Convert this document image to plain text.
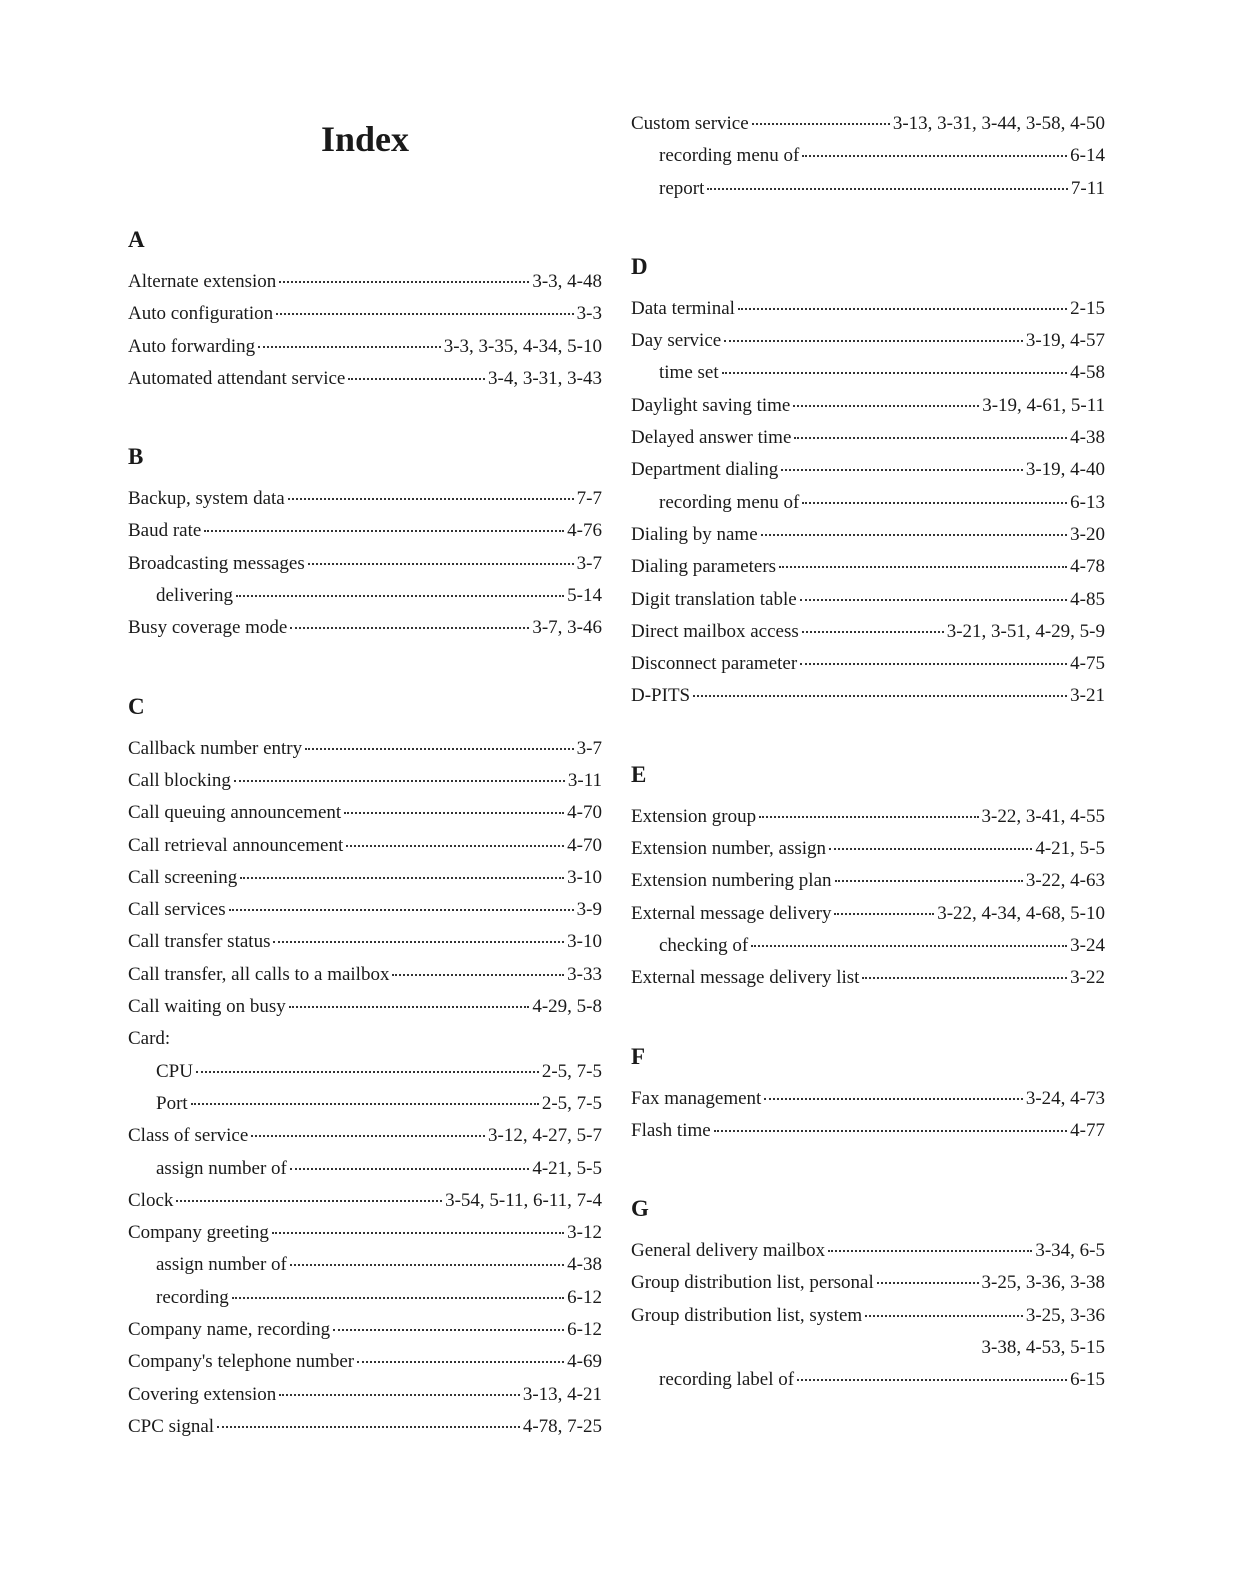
Index
A
Alternate extension	3-3, 4-48
Auto configuration	3-3
Auto forwarding	3-3, 3-35, 4-34, 5-10
Automated attendant service	3-4, 3-31, 3-43
B
Backup, system data	7-7
Baud rate	4-76
Broadcasting messages	3-7
delivering	5-14
Busy coverage mode	3-7, 3-46
C
Callback number entry	3-7
Call blocking	3-11
Call queuing announcement	4-70
Call retrieval announcement	4-70
Call screening	3-10
Call services	3-9
Call transfer status	3-10
Call transfer, all calls to a mailbox	3-33
Call waiting on busy	4-29, 5-8
Card:
CPU	2-5, 7-5
Port	2-5, 7-5
Class of service	3-12, 4-27, 5-7
assign number of	4-21, 5-5
Clock	3-54, 5-11, 6-11, 7-4
Company greeting	3-12
assign number of	4-38
recording	6-12
Company name, recording	6-12
Company's telephone number	4-69
Covering extension	3-13, 4-21
CPC signal	4-78, 7-25
Custom service	3-13, 3-31, 3-44, 3-58, 4-50
recording menu of	6-14
report	7-11
D
Data terminal	2-15
Day service	3-19, 4-57
time set	4-58
Daylight saving time	3-19, 4-61, 5-11
Delayed answer time	4-38
Department dialing	3-19, 4-40
recording menu of	6-13
Dialing by name	3-20
Dialing parameters	4-78
Digit translation table	4-85
Direct mailbox access	3-21, 3-51, 4-29, 5-9
Disconnect parameter	4-75
D-PITS	3-21
E
Extension group	3-22, 3-41, 4-55
Extension number, assign	4-21, 5-5
Extension numbering plan	3-22, 4-63
External message delivery	3-22, 4-34, 4-68, 5-10
checking of	3-24
External message delivery list	3-22
F
Fax management	3-24, 4-73
Flash time	4-77
G
General delivery mailbox	3-34, 6-5
Group distribution list, personal	3-25, 3-36, 3-38
Group distribution list, system	3-25, 3-36
3-38, 4-53, 5-15
recording label of	6-15
